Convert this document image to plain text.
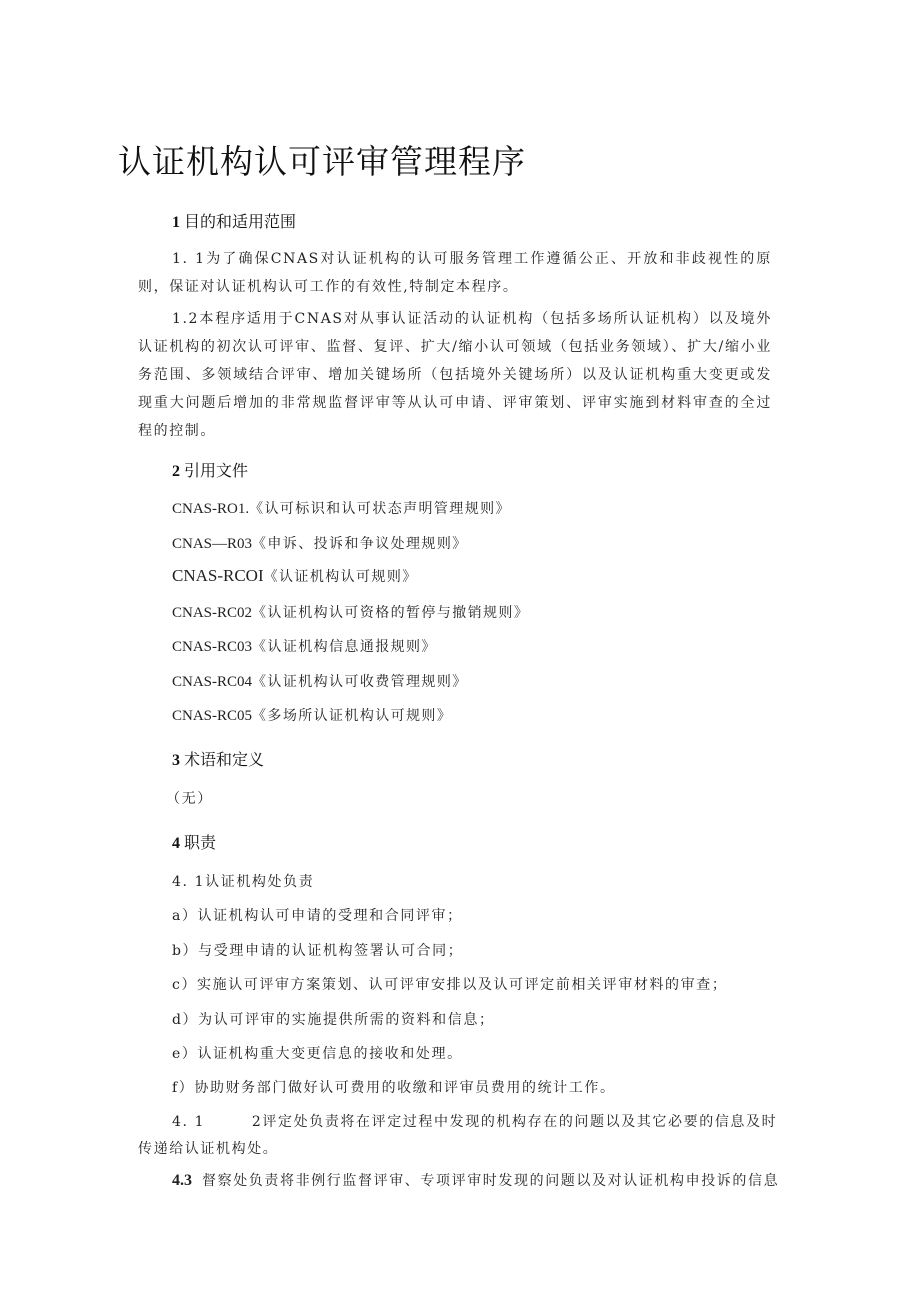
认证机构认可评审管理程序
1 目的和适用范围
1. 1为了确保CNAS对认证机构的认可服务管理工作遵循公正、开放和非歧视性的原则，保证对认证机构认可工作的有效性,特制定本程序。
1.2本程序适用于CNAS对从事认证活动的认证机构（包括多场所认证机构）以及境外认证机构的初次认可评审、监督、复评、扩大/缩小认可领域（包括业务领域）、扩大/缩小业务范围、多领域结合评审、增加关键场所（包括境外关键场所）以及认证机构重大变更或发现重大问题后增加的非常规监督评审等从认可申请、评审策划、评审实施到材料审查的全过程的控制。
2 引用文件
CNAS-RO1.《认可标识和认可状态声明管理规则》
CNAS—R03《申诉、投诉和争议处理规则》
CNAS-RCOI《认证机构认可规则》
CNAS-RC02《认证机构认可资格的暂停与撤销规则》
CNAS-RC03《认证机构信息通报规则》
CNAS-RC04《认证机构认可收费管理规则》
CNAS-RC05《多场所认证机构认可规则》
3 术语和定义
（无）
4 职责
4. 1认证机构处负责
a）认证机构认可申请的受理和合同评审；
b）与受理申请的认证机构签署认可合同；
c）实施认可评审方案策划、认可评审安排以及认可评定前相关评审材料的审查；
d）为认可评审的实施提供所需的资料和信息；
e）认证机构重大变更信息的接收和处理。
f）协助财务部门做好认可费用的收缴和评审员费用的统计工作。
4. 1　　　2评定处负责将在评定过程中发现的机构存在的问题以及其它必要的信息及时
传递给认证机构处。
4.3 督察处负责将非例行监督评审、专项评审时发现的问题以及对认证机构申投诉的信息
